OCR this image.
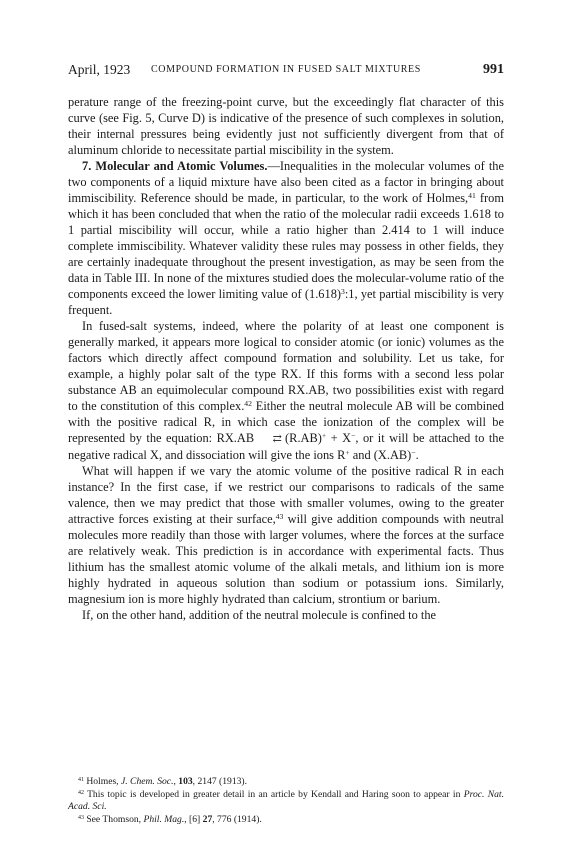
April, 1923 COMPOUND FORMATION IN FUSED SALT MIXTURES	991

perature range of the freezing-point curve, but the exceedingly flat character of this curve (see Fig. 5, Curve D) is indicative of the presence of such complexes in solution, their internal pressures being evidently just not sufficiently divergent from that of aluminum chloride to necessitate partial miscibility in the system.

7. Molecular and Atomic Volumes.—Inequalities in the molecular volumes of the two components of a liquid mixture have also been cited as a factor in bringing about immiscibility. Reference should be made, in particular, to the work of Holmes,$^{41}$ from which it has been concluded that when the ratio of the molecular radii exceeds 1.618 to 1 partial miscibility will occur, while a ratio higher than 2.414 to 1 will induce complete immiscibility. Whatever validity these rules may possess in other fields, they are certainly inadequate throughout the present investigation, as may be seen from the data in Table III. In none of the mixtures studied does the molecular-volume ratio of the components exceed the lower limiting value of $(1.618)^3:1$, yet partial miscibility is very frequent.

In fused-salt systems, indeed, where the polarity of at least one component is generally marked, it appears more logical to consider atomic (or ionic) volumes as the factors which directly affect compound formation and solubility. Let us take, for example, a highly polar salt of the type RX. If this forms with a second less polar substance AB an equimolecular compound RX.AB, two possibilities exist with regard to the constitution of this complex.$^{42}$ Either the neutral molecule AB will be combined with the positive radical R, in which case the ionization of the complex will be represented by the equation: RX.AB ⇄ (R.AB)+ + X−, or it will be attached to the negative radical X, and dissociation will give the ions R+ and (X.AB)−.

What will happen if we vary the atomic volume of the positive radical R in each instance? In the first case, if we restrict our comparisons to radicals of the same valence, then we may predict that those with smaller volumes, owing to the greater attractive forces existing at their surface,$^{43}$ will give addition compounds with neutral molecules more readily than those with larger volumes, where the forces at the surface are relatively weak. This prediction is in accordance with experimental facts. Thus lithium has the smallest atomic volume of the alkali metals, and lithium ion is more highly hydrated in aqueous solution than sodium or potassium ions. Similarly, magnesium ion is more highly hydrated than calcium, strontium or barium.

If, on the other hand, addition of the neutral molecule is confined to the

$^{41}$ Holmes, J. Chem. Soc., 103, 2147 (1913).

$^{42}$ This topic is developed in greater detail in an article by Kendall and Haring soon to appear in Proc. Nat. Acad. Sci.

$^{43}$ See Thomson, Phil. Mag., [6] 27, 776 (1914).
